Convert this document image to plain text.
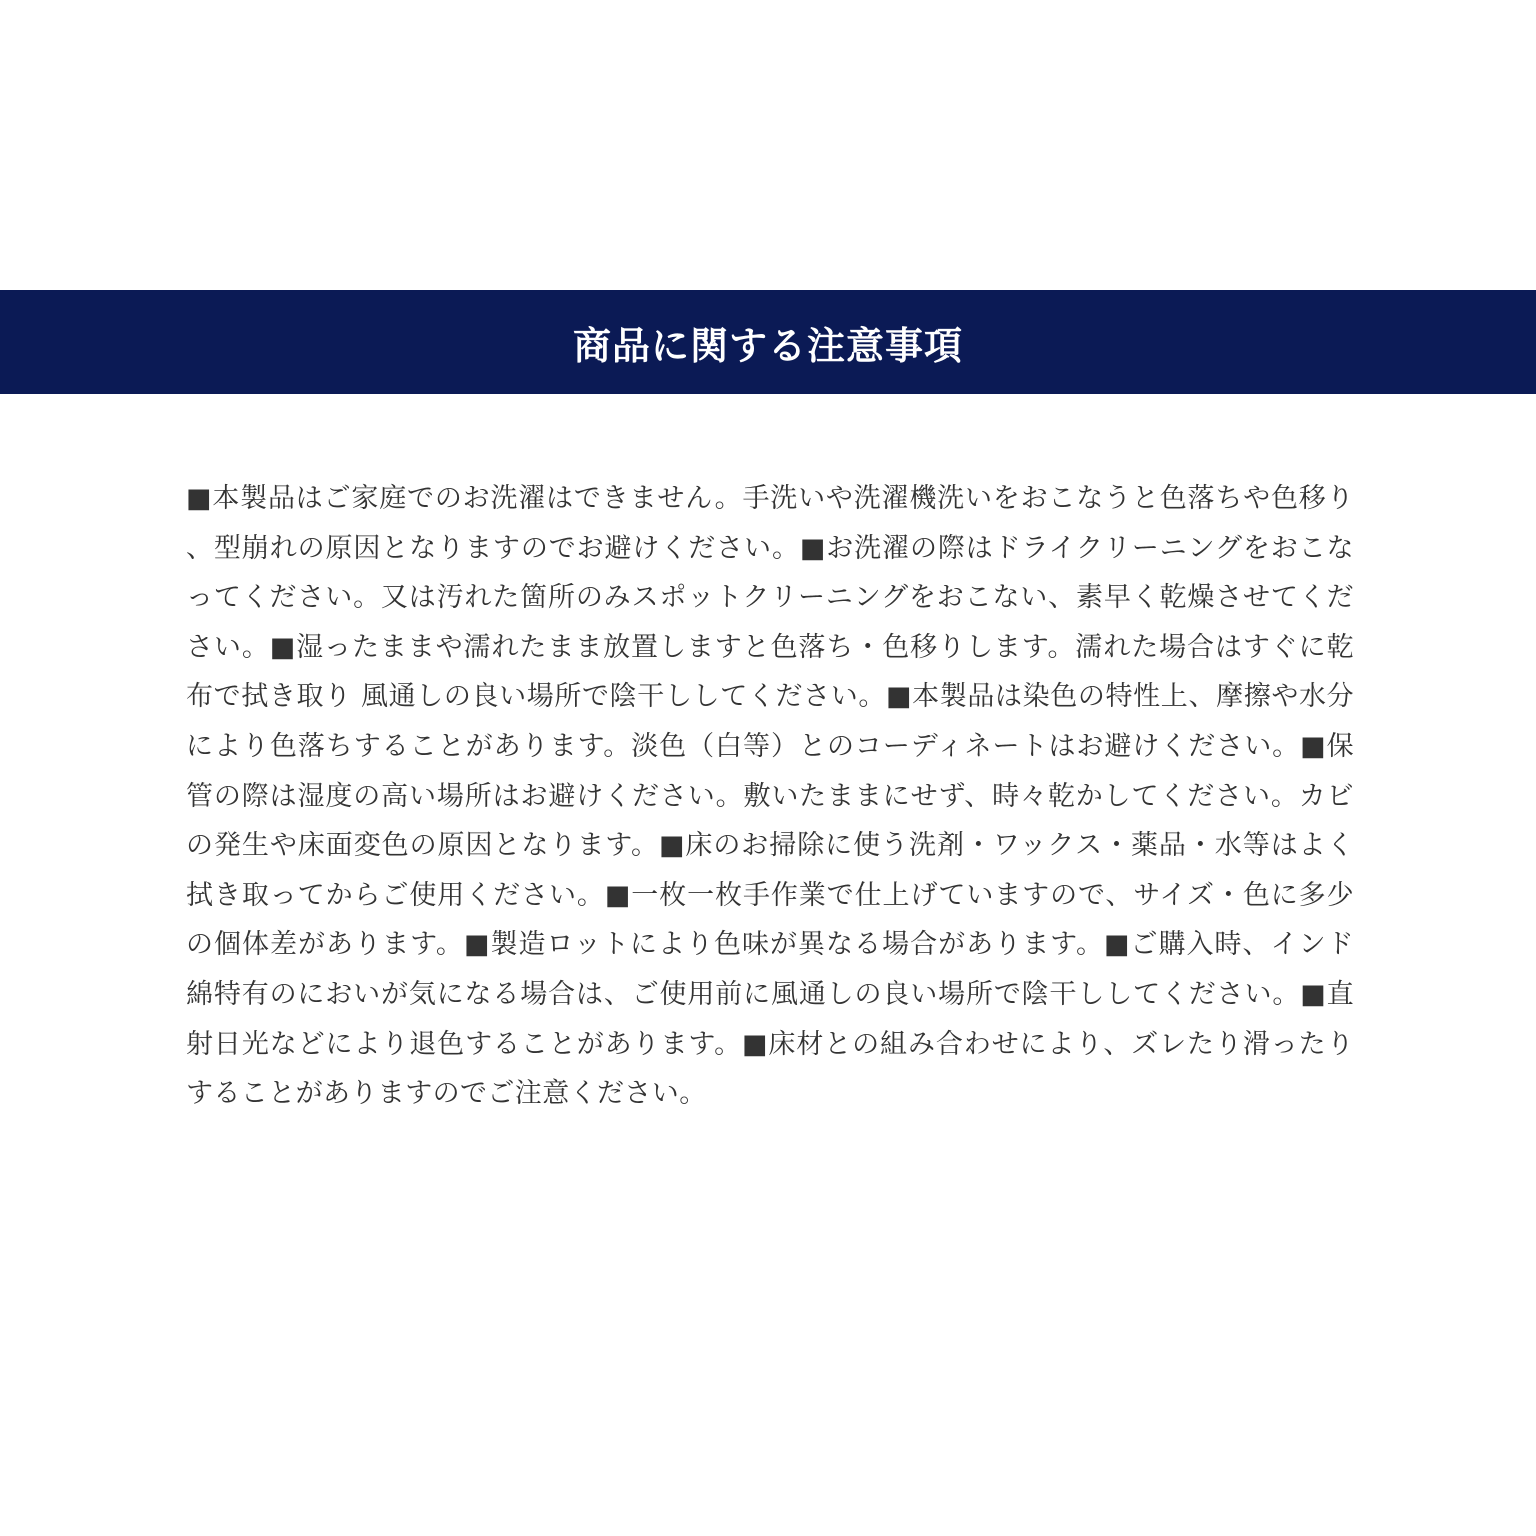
商品に関する注意事項

■本製品はご家庭でのお洗濯はできません。手洗いや洗濯機洗いをおこなうと色落ちや色移り、型崩れの原因となりますのでお避けください。■お洗濯の際はドライクリーニングをおこなってください。又は汚れた箇所のみスポットクリーニングをおこない、素早く乾燥させてください。■湿ったままや濡れたまま放置しますと色落ち・色移りします。濡れた場合はすぐに乾布で拭き取り 風通しの良い場所で陰干ししてください。■本製品は染色の特性上、摩擦や水分により色落ちすることがあります。淡色（白等）とのコーディネートはお避けください。■保管の際は湿度の高い場所はお避けください。敷いたままにせず、時々乾かしてください。カビの発生や床面変色の原因となります。■床のお掃除に使う洗剤・ワックス・薬品・水等はよく拭き取ってからご使用ください。■一枚一枚手作業で仕上げていますので、サイズ・色に多少の個体差があります。■製造ロットにより色味が異なる場合があります。■ご購入時、インド綿特有のにおいが気になる場合は、ご使用前に風通しの良い場所で陰干ししてください。■直射日光などにより退色することがあります。■床材との組み合わせにより、ズレたり滑ったりすることがありますのでご注意ください。
